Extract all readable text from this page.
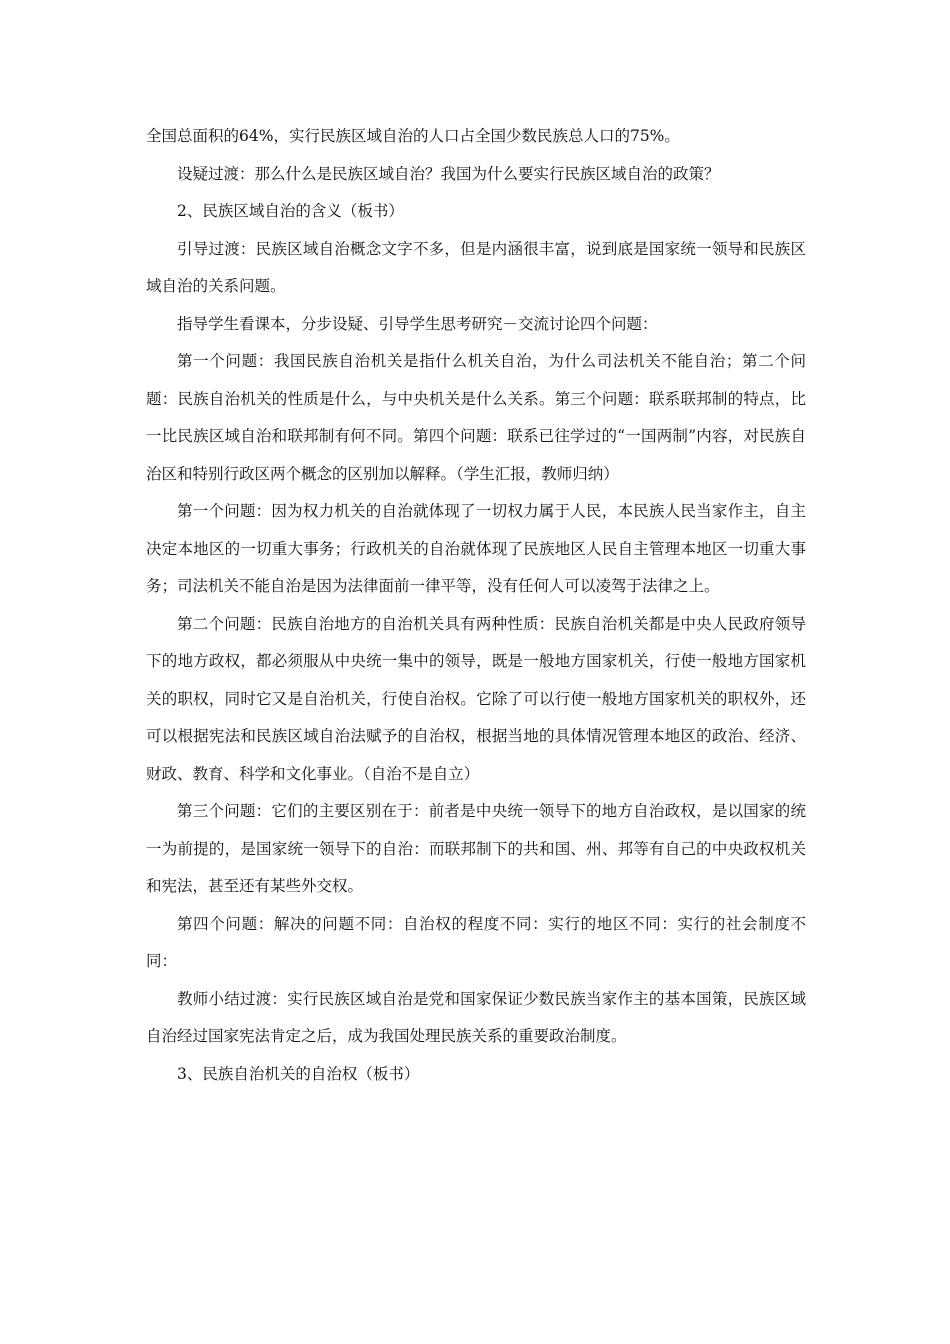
全国总面积的64%，实行民族区域自治的人口占全国少数民族总人口的75%。

设疑过渡：那么什么是民族区域自治？我国为什么要实行民族区域自治的政策？

2、民族区域自治的含义（板书）

引导过渡：民族区域自治概念文字不多，但是内涵很丰富，说到底是国家统一领导和民族区域自治的关系问题。

指导学生看课本，分步设疑、引导学生思考研究－交流讨论四个问题：

第一个问题：我国民族自治机关是指什么机关自治，为什么司法机关不能自治；第二个问题：民族自治机关的性质是什么，与中央机关是什么关系。第三个问题：联系联邦制的特点，比一比民族区域自治和联邦制有何不同。第四个问题：联系已往学过的“一国两制”内容，对民族自治区和特别行政区两个概念的区别加以解释。（学生汇报，教师归纳）

第一个问题：因为权力机关的自治就体现了一切权力属于人民，本民族人民当家作主，自主决定本地区的一切重大事务；行政机关的自治就体现了民族地区人民自主管理本地区一切重大事务；司法机关不能自治是因为法律面前一律平等，没有任何人可以凌驾于法律之上。

第二个问题：民族自治地方的自治机关具有两种性质：民族自治机关都是中央人民政府领导下的地方政权，都必须服从中央统一集中的领导，既是一般地方国家机关，行使一般地方国家机关的职权，同时它又是自治机关，行使自治权。它除了可以行使一般地方国家机关的职权外，还可以根据宪法和民族区域自治法赋予的自治权，根据当地的具体情况管理本地区的政治、经济、财政、教育、科学和文化事业。（自治不是自立）

第三个问题：它们的主要区别在于：前者是中央统一领导下的地方自治政权，是以国家的统一为前提的，是国家统一领导下的自治：而联邦制下的共和国、州、邦等有自己的中央政权机关和宪法，甚至还有某些外交权。

第四个问题：解决的问题不同：自治权的程度不同：实行的地区不同：实行的社会制度不同：

教师小结过渡：实行民族区域自治是党和国家保证少数民族当家作主的基本国策，民族区域自治经过国家宪法肯定之后，成为我国处理民族关系的重要政治制度。

3、民族自治机关的自治权（板书）
